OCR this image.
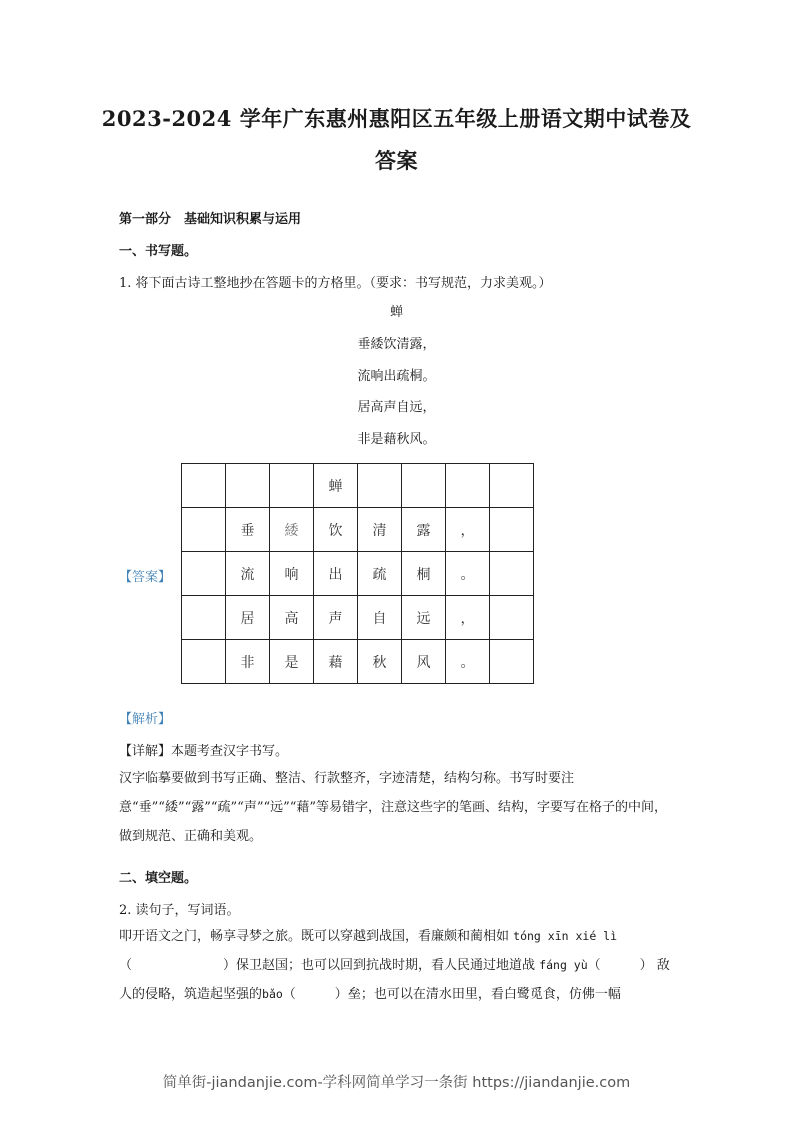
2023-2024 学年广东惠州惠阳区五年级上册语文期中试卷及
答案
第一部分　基础知识积累与运用
一、书写题。
1. 将下面古诗工整地抄在答题卡的方格里。（要求：书写规范，力求美观。）
蝉
垂緌饮清露，
流响出疏桐。
居高声自远，
非是藉秋风。
【答案】
			蝉				
	垂	緌	饮	清	露	，	
	流	响	出	疏	桐	。	
	居	高	声	自	远	，	
	非	是	藉	秋	风	。	
【解析】
【详解】本题考查汉字书写。
汉字临摹要做到书写正确、整洁、行款整齐，字迹清楚，结构匀称。书写时要注意“垂”“緌”“露”“疏”“声”“远”“藉”等易错字，注意这些字的笔画、结构，字要写在格子的中间，做到规范、正确和美观。
二、填空题。
2. 读句子，写词语。
叩开语文之门，畅享寻梦之旅。既可以穿越到战国，看廉颇和蔺相如 tóng xīn xié lì （　　　　　　　）保卫赵国；也可以回到抗战时期，看人民通过地道战 fáng yù（　　　） 敌人的侵略，筑造起坚强的bǎo（　　　）垒；也可以在清水田里，看白鹭觅食，仿佛一幅
简单街-jiandanjie.com-学科网简单学习一条街 https://jiandanjie.com
